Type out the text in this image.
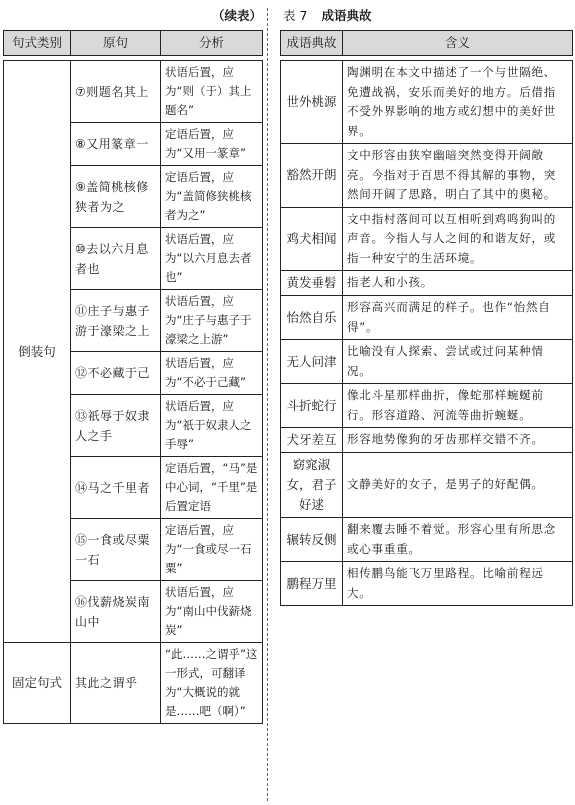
（续表） 表 7 成语典故
句式类别	原句	分析

倒装句	⑦则题名其上	状语后置，应为“则（于）其上题名”
	⑧又用篆章一	定语后置，应为“又用一篆章”
	⑨盖简桃核修狭者为之	定语后置，应为“盖简修狭桃核者为之”
	⑩去以六月息者也	状语后置，应为“以六月息去者也”
	⑪庄子与惠子游于濠梁之上	状语后置，应为“庄子与惠子于濠梁之上游”
	⑫不必藏于己	状语后置，应为“不必于己藏”
	⑬祇辱于奴隶人之手	状语后置，应为“祇于奴隶人之手辱”
	⑭马之千里者	定语后置，“马”是中心词，“千里”是后置定语
	⑮一食或尽粟一石	定语后置，应为“一食或尽一石粟”
	⑯伐薪烧炭南山中	状语后置，应为“南山中伐薪烧炭”
固定句式	其此之谓乎	“此……之谓乎”这一形式，可翻译为“大概说的就是……吧（啊）”
成语典故	含义

世外桃源	陶渊明在本文中描述了一个与世隔绝、免遭战祸，安乐而美好的地方。后借指不受外界影响的地方或幻想中的美好世界。
豁然开朗	文中形容由狭窄幽暗突然变得开阔敞亮。今指对于百思不得其解的事物，突然间开阔了思路，明白了其中的奥秘。
鸡犬相闻	文中指村落间可以互相听到鸡鸣狗叫的声音。今指人与人之间的和谐友好，或指一种安宁的生活环境。
黄发垂髫	指老人和小孩。
怡然自乐	形容高兴而满足的样子。也作“怡然自得”。
无人问津	比喻没有人探索、尝试或过问某种情况。
斗折蛇行	像北斗星那样曲折，像蛇那样蜿蜒前行。形容道路、河流等曲折蜿蜒。
犬牙差互	形容地势像狗的牙齿那样交错不齐。
窈窕淑女，君子好逑	文静美好的女子，是男子的好配偶。
辗转反侧	翻来覆去睡不着觉。形容心里有所思念或心事重重。
鹏程万里	相传鹏鸟能飞万里路程。比喻前程远大。
